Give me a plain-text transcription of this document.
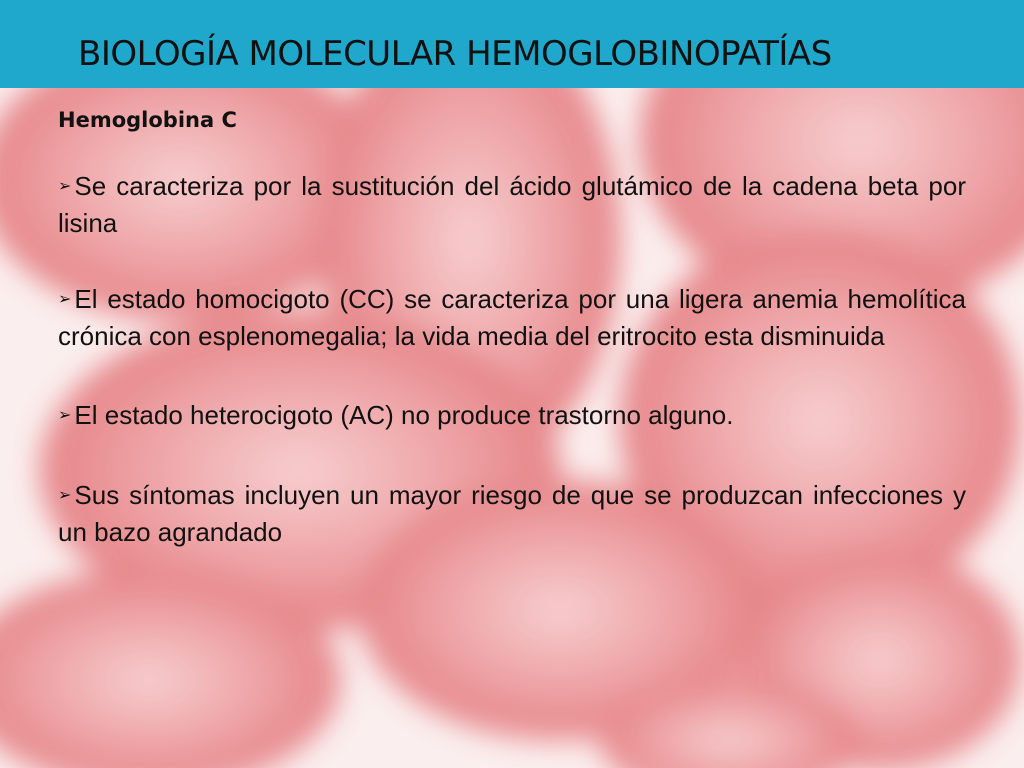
BIOLOGÍA MOLECULAR HEMOGLOBINOPATÍAS

Hemoglobina C

➢ Se caracteriza por la sustitución del ácido glutámico de la cadena beta por lisina

➢ El estado homocigoto (CC) se caracteriza por una ligera anemia hemolítica crónica con esplenomegalia; la vida media del eritrocito esta disminuida

➢ El estado heterocigoto (AC) no produce trastorno alguno.

➢ Sus síntomas incluyen un mayor riesgo de que se produzcan infecciones y un bazo agrandado
